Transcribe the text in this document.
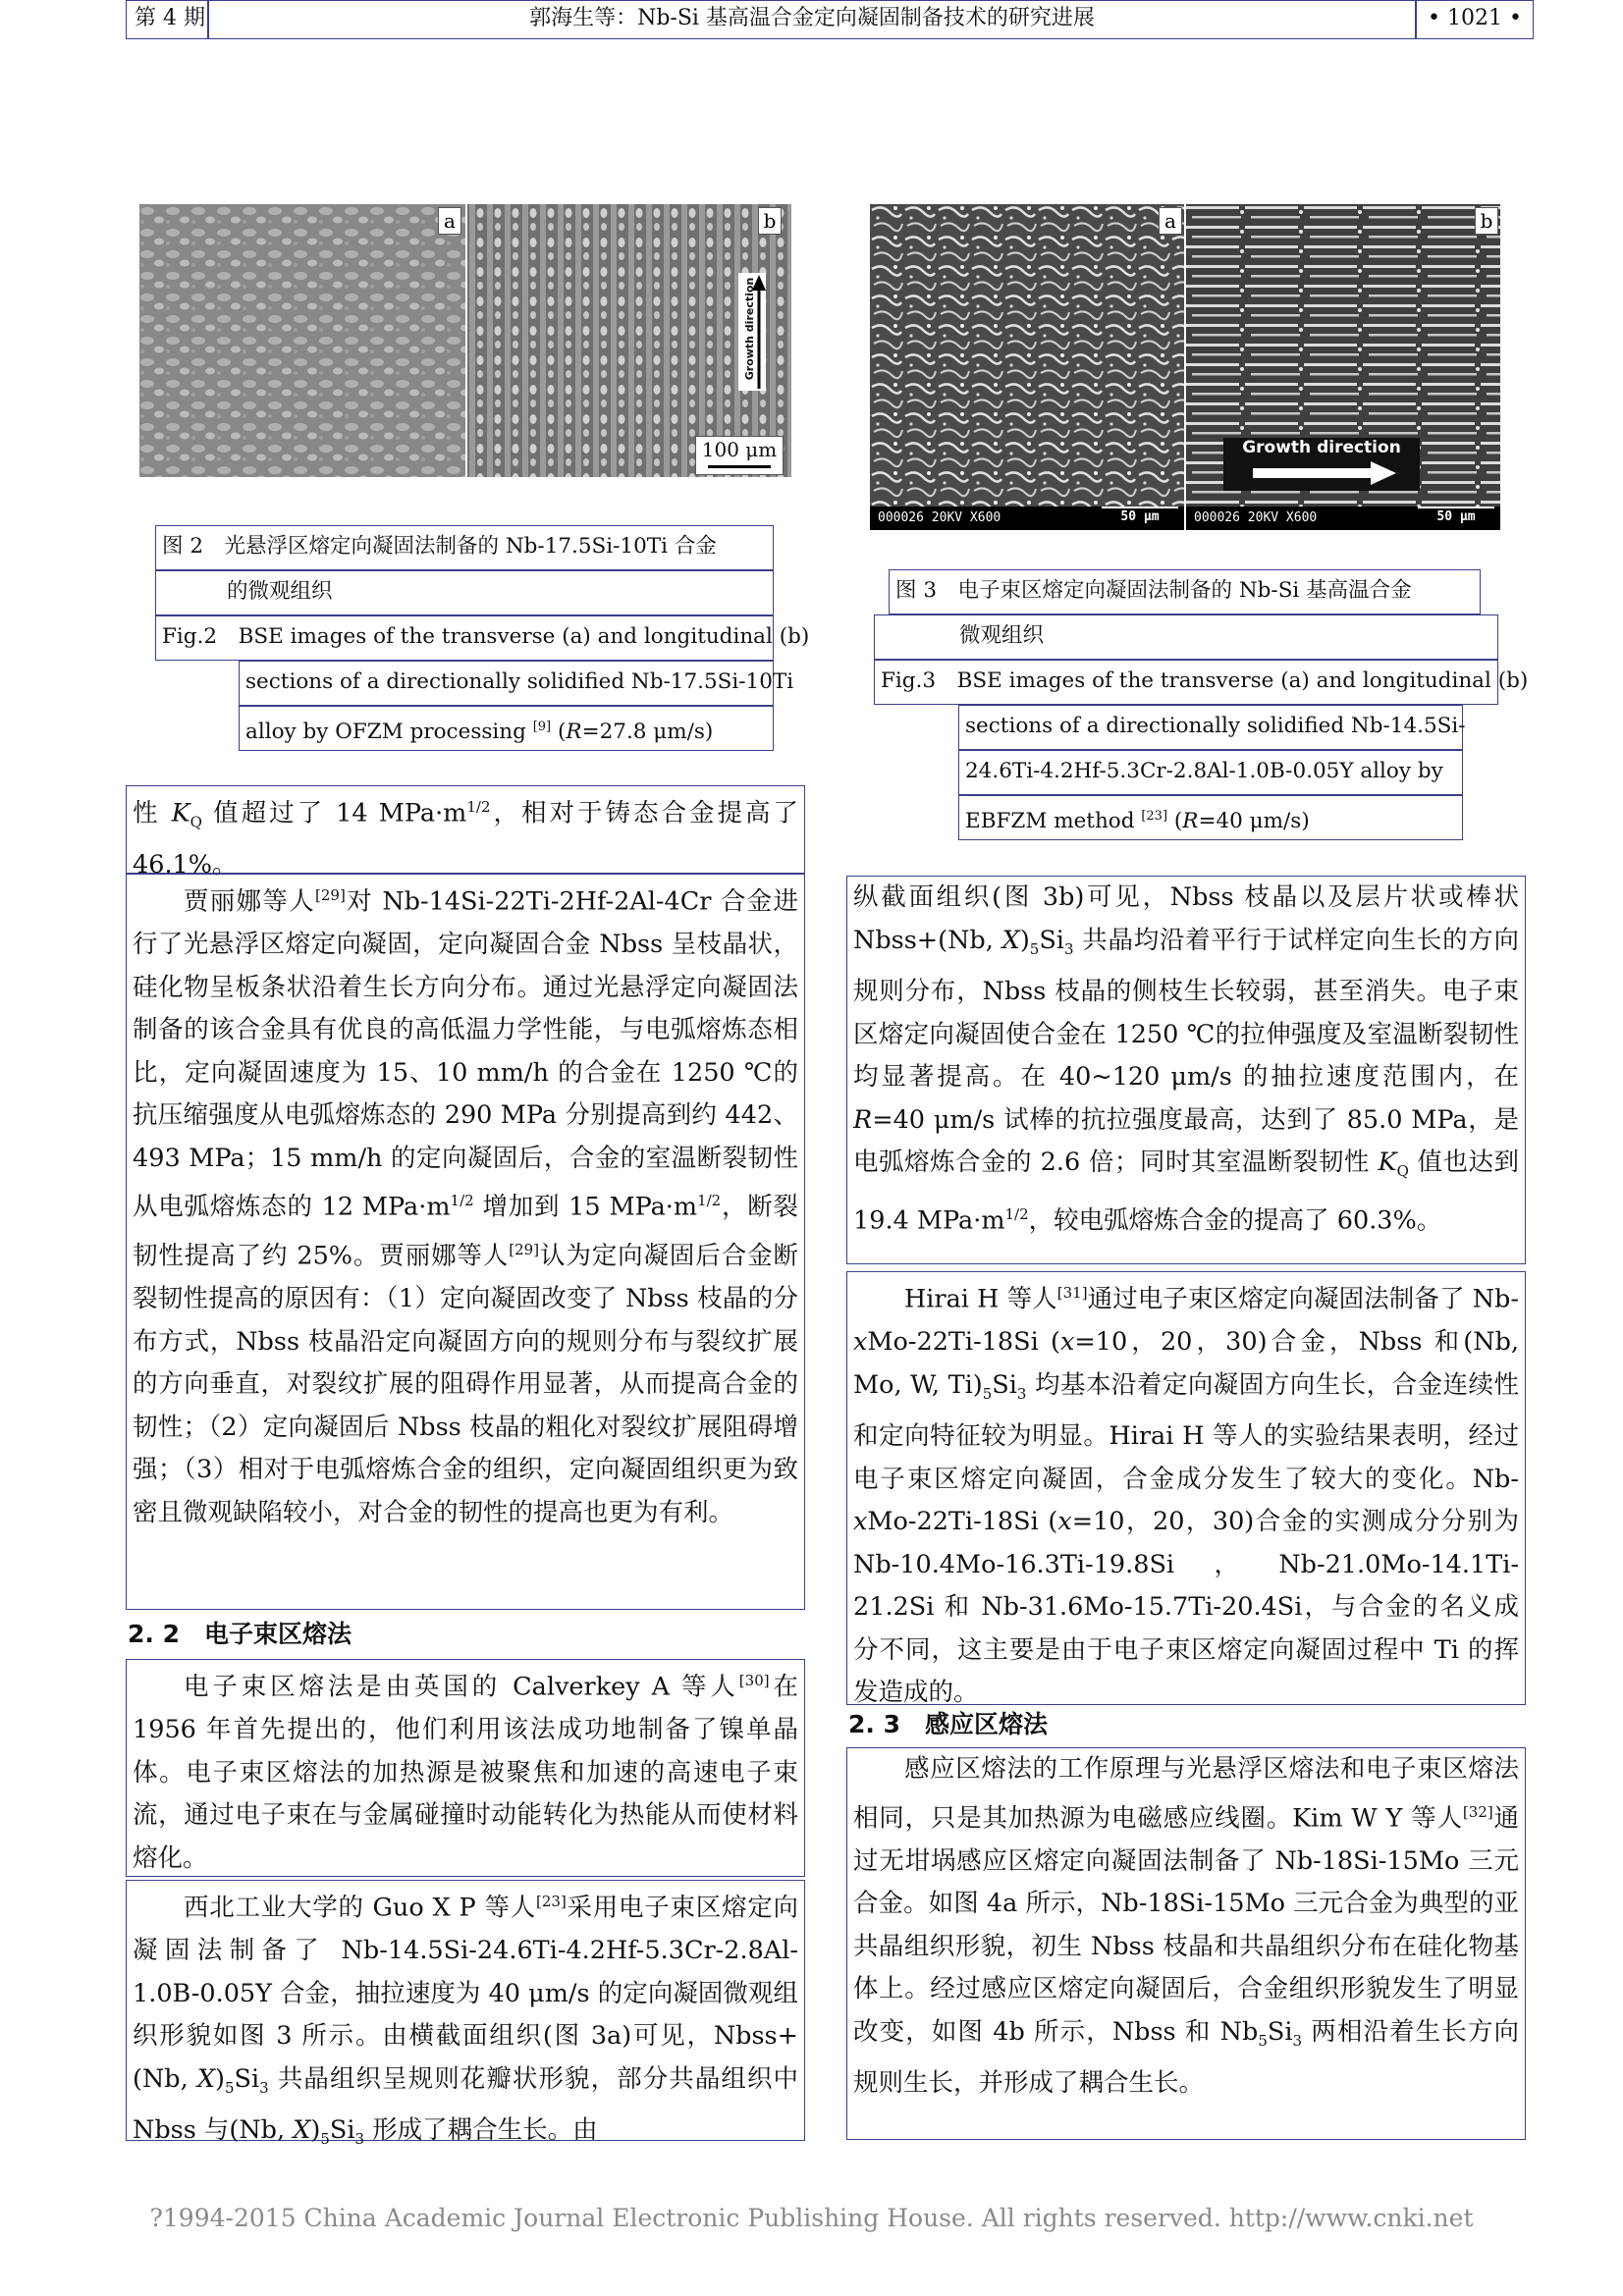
第 4 期	郭海生等：Nb-Si 基高温合金定向凝固制备技术的研究进展	• 1021 •
a	b
Growth direction
100 μm
图 2　光悬浮区熔定向凝固法制备的 Nb-17.5Si-10Ti 合金
的微观组织
Fig.2　BSE images of the transverse (a) and longitudinal (b)
sections of a directionally solidified Nb-17.5Si-10Ti
alloy by OFZM processing [9] (R=27.8 μm/s)
a	b
Growth direction
000026 20KV X600	50 μm	000026 20KV X600	50 μm
图 3　电子束区熔定向凝固法制备的 Nb-Si 基高温合金
微观组织
Fig.3　BSE images of the transverse (a) and longitudinal (b)
sections of a directionally solidified Nb-14.5Si-
24.6Ti-4.2Hf-5.3Cr-2.8Al-1.0B-0.05Y alloy by
EBFZM method [23] (R=40 μm/s)

性 $K_Q$ 值超过了 14 $MPa\cdot m^{1/2}$，相对于铸态合金提高了46.1%。

贾丽娜等人[29]对 Nb-14Si-22Ti-2Hf-2Al-4Cr 合金进行了光悬浮区熔定向凝固，定向凝固合金 Nbss 呈枝晶状，硅化物呈板条状沿着生长方向分布。通过光悬浮定向凝固法制备的该合金具有优良的高低温力学性能，与电弧熔炼态相比，定向凝固速度为 15、10 mm/h 的合金在 1250 ℃的抗压缩强度从电弧熔炼态的 290 MPa 分别提高到约 442、493 MPa；15 mm/h 的定向凝固后，合金的室温断裂韧性从电弧熔炼态的 12 $MPa\cdot m^{1/2}$ 增加到 15 $MPa\cdot m^{1/2}$，断裂韧性提高了约 25%。贾丽娜等人[29]认为定向凝固后合金断裂韧性提高的原因有：（1）定向凝固改变了 Nbss 枝晶的分布方式，Nbss 枝晶沿定向凝固方向的规则分布与裂纹扩展的方向垂直，对裂纹扩展的阻碍作用显著，从而提高合金的韧性；（2）定向凝固后 Nbss 枝晶的粗化对裂纹扩展阻碍增强；（3）相对于电弧熔炼合金的组织，定向凝固组织更为致密且微观缺陷较小，对合金的韧性的提高也更为有利。

2. 2　电子束区熔法

电子束区熔法是由英国的 Calverkey A 等人[30]在 1956 年首先提出的，他们利用该法成功地制备了镍单晶体。电子束区熔法的加热源是被聚焦和加速的高速电子束流，通过电子束在与金属碰撞时动能转化为热能从而使材料熔化。

西北工业大学的 Guo X P 等人[23]采用电子束区熔定向凝固法制备了 Nb-14.5Si-24.6Ti-4.2Hf-5.3Cr-2.8Al-1.0B-0.05Y 合金，抽拉速度为 40 μm/s 的定向凝固微观组织形貌如图 3 所示。由横截面组织(图 3a)可见，Nbss+(Nb, $X)_5Si_3$ 共晶组织呈规则花瓣状形貌，部分共晶组织中 Nbss 与(Nb, $X)_5Si_3$ 形成了耦合生长。由

纵截面组织(图 3b)可见，Nbss 枝晶以及层片状或棒状 Nbss+(Nb, $X)_5Si_3$ 共晶均沿着平行于试样定向生长的方向规则分布，Nbss 枝晶的侧枝生长较弱，甚至消失。电子束区熔定向凝固使合金在 1250 ℃的拉伸强度及室温断裂韧性均显著提高。在 40~120 μm/s 的抽拉速度范围内，在 R=40 μm/s 试棒的抗拉强度最高，达到了 85.0 MPa，是电弧熔炼合金的 2.6 倍；同时其室温断裂韧性 $K_Q$ 值也达到 19.4 $MPa\cdot m^{1/2}$，较电弧熔炼合金的提高了 60.3%。

Hirai H 等人[31]通过电子束区熔定向凝固法制备了 Nb-xMo-22Ti-18Si (x=10，20，30)合金，Nbss 和(Nb, Mo, W, $Ti)_5Si_3$ 均基本沿着定向凝固方向生长，合金连续性和定向特征较为明显。Hirai H 等人的实验结果表明，经过电子束区熔定向凝固，合金成分发生了较大的变化。Nb-xMo-22Ti-18Si (x=10，20，30)合金的实测成分分别为 Nb-10.4Mo-16.3Ti-19.8Si，Nb-21.0Mo-14.1Ti-21.2Si 和 Nb-31.6Mo-15.7Ti-20.4Si，与合金的名义成分不同，这主要是由于电子束区熔定向凝固过程中 Ti 的挥发造成的。

2. 3　感应区熔法

感应区熔法的工作原理与光悬浮区熔法和电子束区熔法相同，只是其加热源为电磁感应线圈。Kim W Y 等人[32]通过无坩埚感应区熔定向凝固法制备了 Nb-18Si-15Mo 三元合金。如图 4a 所示，Nb-18Si-15Mo 三元合金为典型的亚共晶组织形貌，初生 Nbss 枝晶和共晶组织分布在硅化物基体上。经过感应区熔定向凝固后，合金组织形貌发生了明显改变，如图 4b 所示，Nbss 和 $Nb_5Si_3$ 两相沿着生长方向规则生长，并形成了耦合生长。

?1994-2015 China Academic Journal Electronic Publishing House. All rights reserved. http://www.cnki.net
